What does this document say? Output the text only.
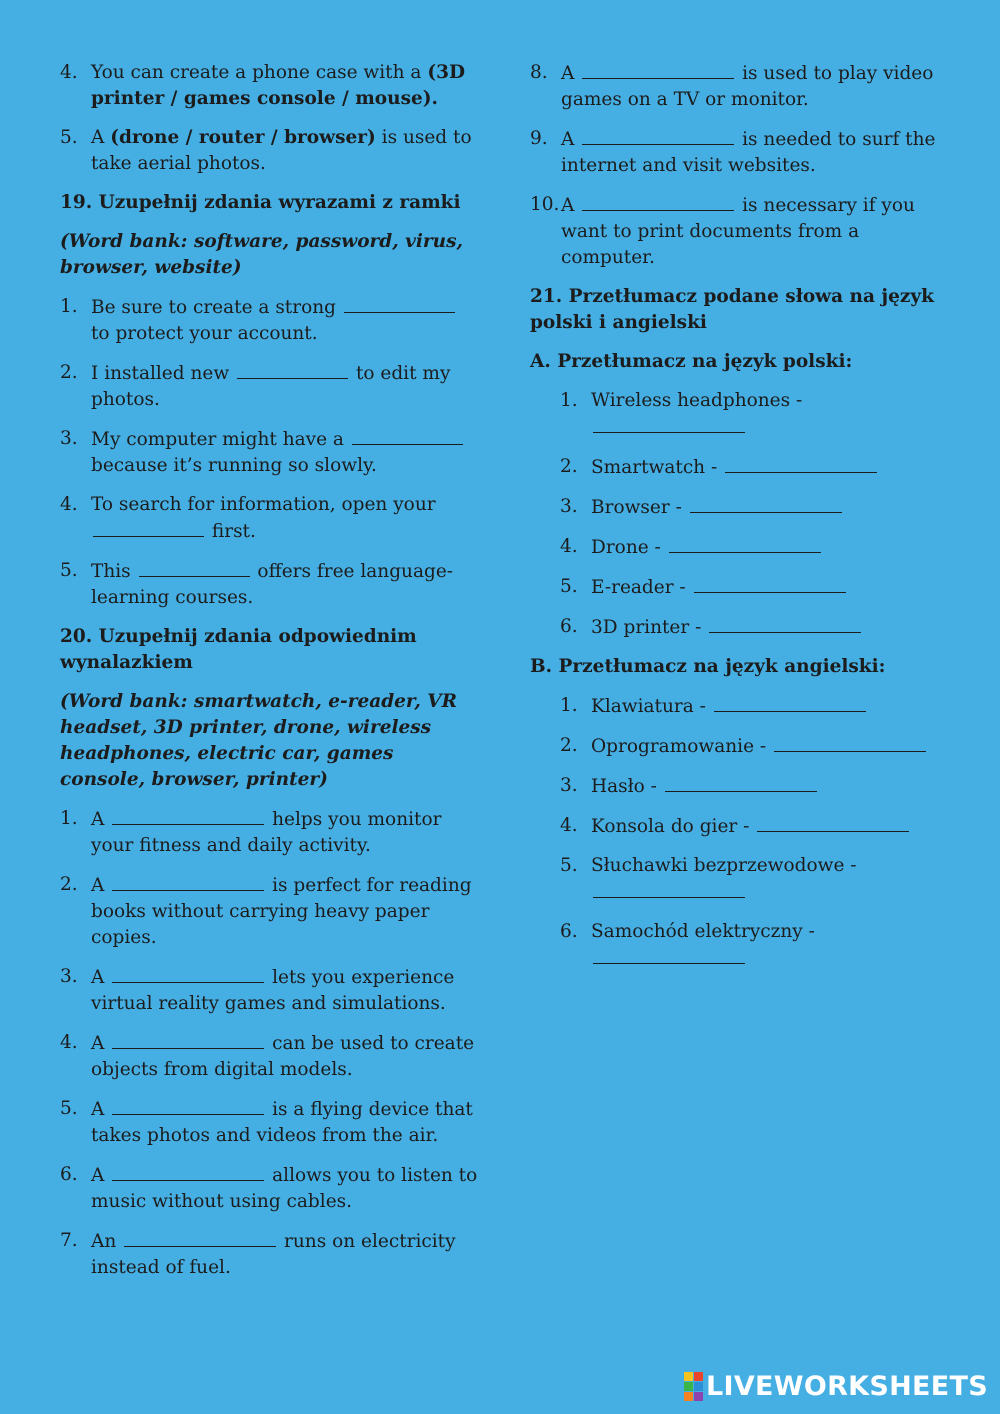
4. You can create a phone case with a (3D printer / games console / mouse).
5. A (drone / router / browser) is used to take aerial photos.
19. Uzupełnij zdania wyrazami z ramki
(Word bank: software, password, virus, browser, website)
1. Be sure to create a strong  to protect your account.
2. I installed new	to edit my photos.
3. My computer might have a  because it’s running so slowly.
4. To search for information, open your  first.
5. This	offers free language-learning courses.
20. Uzupełnij zdania odpowiednim wynalazkiem
(Word bank: smartwatch, e-reader, VR headset, 3D printer, drone, wireless headphones, electric car, games console, browser, printer)
1. A	helps you monitor your fitness and daily activity.
2. A	is perfect for reading books without carrying heavy paper copies.
3. A	lets you experience virtual reality games and simulations.
4. A	can be used to create objects from digital models.
5. A	is a flying device that takes photos and videos from the air.
6. A	allows you to listen to music without using cables.
7. An	runs on electricity instead of fuel.
8. A	is used to play video games on a TV or monitor.
9. A	is needed to surf the internet and visit websites.
10. A	is necessary if you want to print documents from a computer.
21. Przetłumacz podane słowa na język polski i angielski
A. Przetłumacz na język polski:
1. Wireless headphones -
2. Smartwatch -
3. Browser -
4. Drone -
5. E-reader -
6. 3D printer -
B. Przetłumacz na język angielski:
1. Klawiatura -
2. Oprogramowanie -
3. Hasło -
4. Konsola do gier -
5. Słuchawki bezprzewodowe -
6. Samochód elektryczny -
LIVEWORKSHEETS
